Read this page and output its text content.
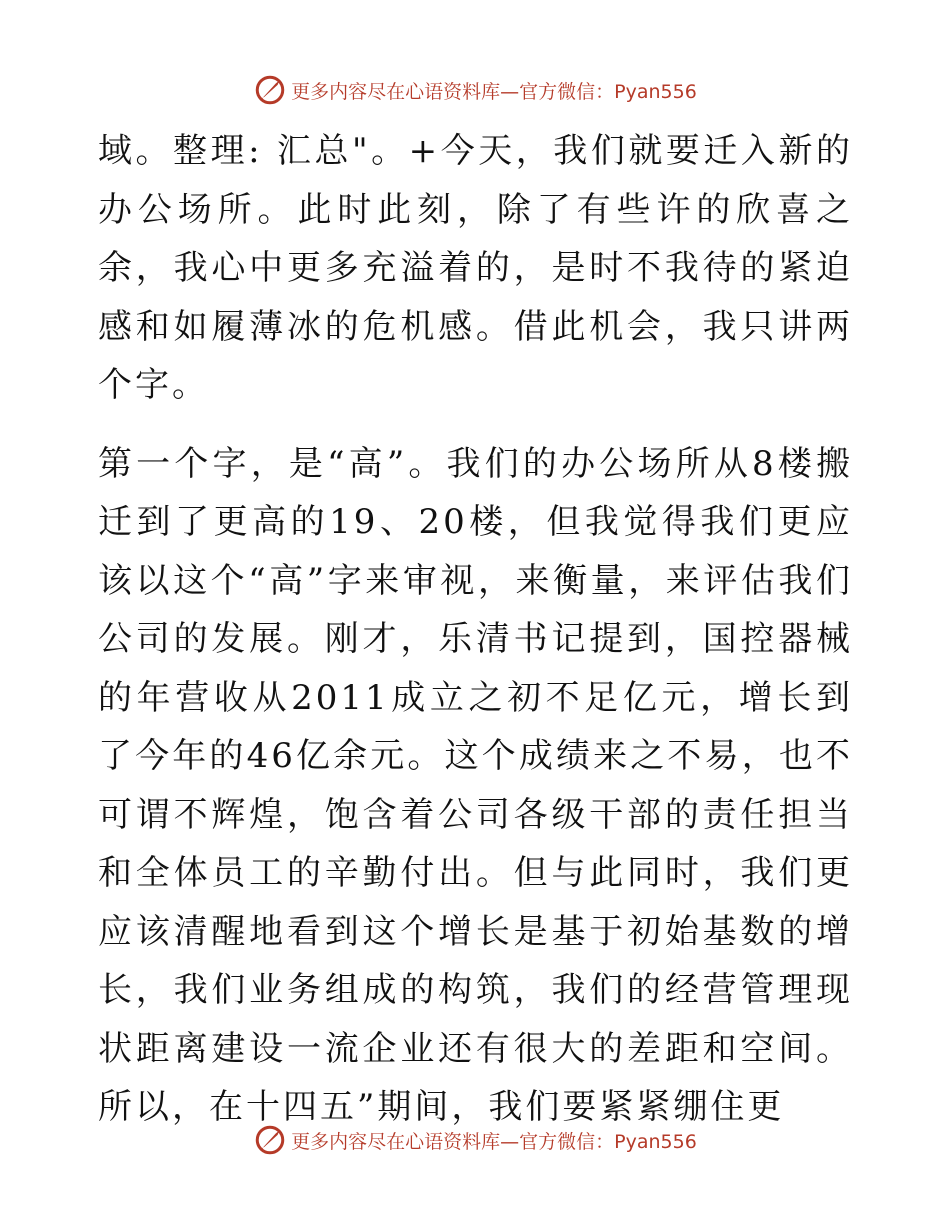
更多内容尽在心语资料库—官方微信：Pyan556

域。整理: 汇总"。+今天，我们就要迁入新的办公场所。此时此刻，除了有些许的欣喜之余，我心中更多充溢着的，是时不我待的紧迫感和如履薄冰的危机感。借此机会，我只讲两个字。

第一个字，是“高”。我们的办公场所从8楼搬迁到了更高的19、20楼，但我觉得我们更应该以这个“高”字来审视，来衡量，来评估我们公司的发展。刚才，乐清书记提到，国控器械的年营收从2011成立之初不足亿元，增长到了今年的46亿余元。这个成绩来之不易，也不可谓不辉煌，饱含着公司各级干部的责任担当和全体员工的辛勤付出。但与此同时，我们更应该清醒地看到这个增长是基于初始基数的增长，我们业务组成的构筑，我们的经营管理现状距离建设一流企业还有很大的差距和空间。所以，在十四五”期间，我们要紧紧绷住更

更多内容尽在心语资料库—官方微信：Pyan556
